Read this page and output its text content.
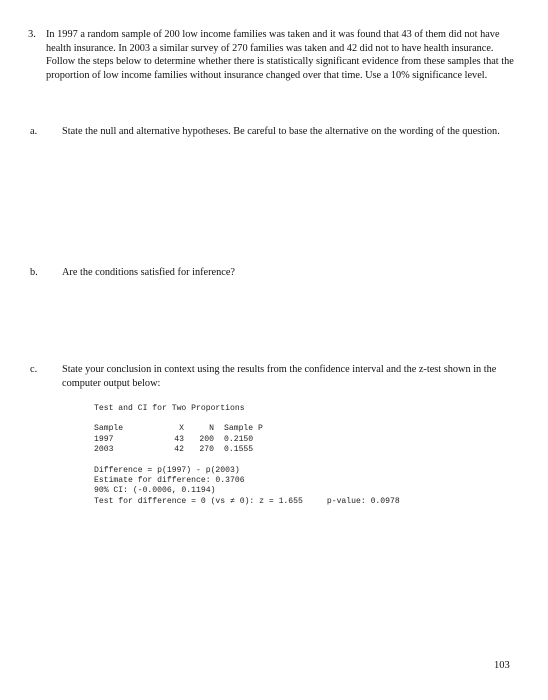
3. In 1997 a random sample of 200 low income families was taken and it was found that 43 of them did not have health insurance. In 2003 a similar survey of 270 families was taken and 42 did not to have health insurance. Follow the steps below to determine whether there is statistically significant evidence from these samples that the proportion of low income families without insurance changed over that time. Use a 10% significance level.

a. State the null and alternative hypotheses. Be careful to base the alternative on the wording of the question.

b. Are the conditions satisfied for inference?

c. State your conclusion in context using the results from the confidence interval and the z-test shown in the computer output below:

Test and CI for Two Proportions
Sample	X	N	Sample P
1997	43	200	0.2150
2003	42	270	0.1555
Difference = p(1997) - p(2003)
Estimate for difference: 0.3706
90% CI: (-0.0006, 0.1194)
Test for difference = 0 (vs ≠ 0): z = 1.655	p-value: 0.0978
103
